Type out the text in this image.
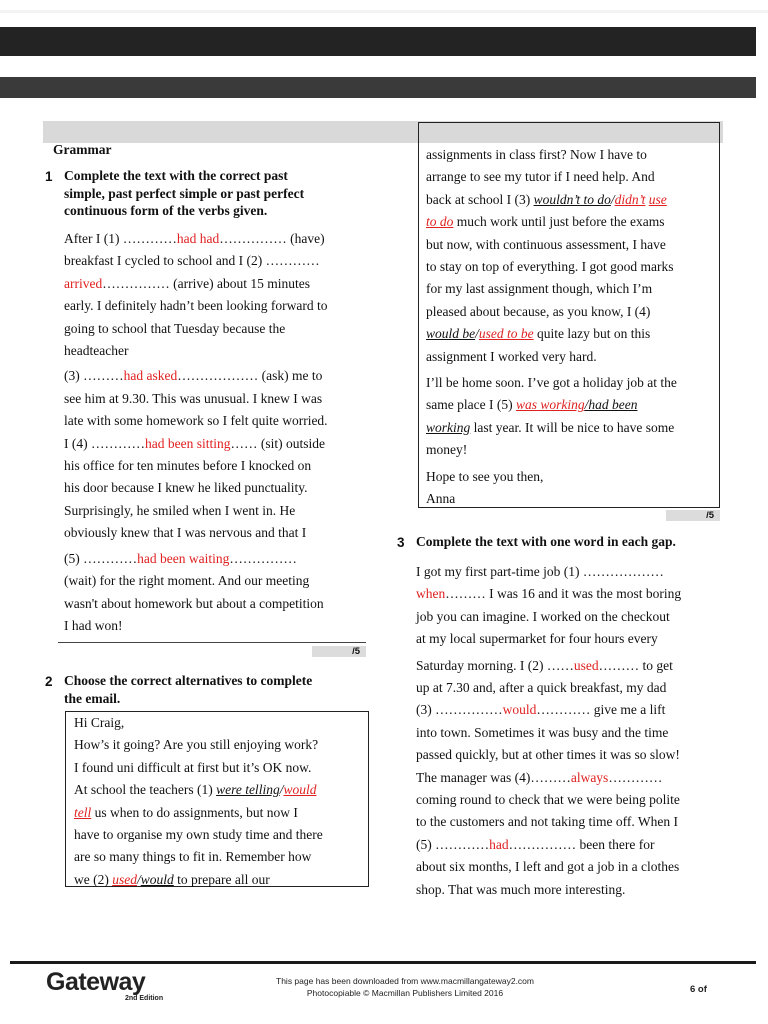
Grammar
1 Complete the text with the correct past
simple, past perfect simple or past perfect
continuous form of the verbs given.
After I (1) …………had had…………… (have)
breakfast I cycled to school and I (2) …………
arrived…………… (arrive) about 15 minutes
early. I definitely hadn’t been looking forward to
going to school that Tuesday because the
headteacher
(3) ………had asked……………… (ask) me to
see him at 9.30. This was unusual. I knew I was
late with some homework so I felt quite worried.
I (4) …………had been sitting…… (sit) outside
his office for ten minutes before I knocked on
his door because I knew he liked punctuality.
Surprisingly, he smiled when I went in. He
obviously knew that I was nervous and that I
(5) …………had been waiting……………
(wait) for the right moment. And our meeting
wasn't about homework but about a competition
I had won!
/5
2 Choose the correct alternatives to complete
the email.
Hi Craig,
How’s it going? Are you still enjoying work?
I found uni difficult at first but it’s OK now.
At school the teachers (1) were telling/would
tell us when to do assignments, but now I
have to organise my own study time and there
are so many things to fit in. Remember how
we (2) used/would to prepare all our
assignments in class first? Now I have to
arrange to see my tutor if I need help. And
back at school I (3) wouldn’t to do/didn’t use
to do much work until just before the exams
but now, with continuous assessment, I have
to stay on top of everything. I got good marks
for my last assignment though, which I’m
pleased about because, as you know, I (4)
would be/used to be quite lazy but on this
assignment I worked very hard.
I’ll be home soon. I’ve got a holiday job at the
same place I (5) was working/had been
working last year. It will be nice to have some
money!
Hope to see you then,
Anna
/5
3 Complete the text with one word in each gap.
I got my first part-time job (1) ………………
when……… I was 16 and it was the most boring
job you can imagine. I worked on the checkout
at my local supermarket for four hours every
Saturday morning. I (2) ……used……… to get
up at 7.30 and, after a quick breakfast, my dad
(3) ……………would………… give me a lift
into town. Sometimes it was busy and the time
passed quickly, but at other times it was so slow!
The manager was (4)………always…………
coming round to check that we were being polite
to the customers and not taking time off. When I
(5) …………had…………… been there for
about six months, I left and got a job in a clothes
shop. That was much more interesting.
Gateway
2nd Edition
This page has been downloaded from www.macmillangateway2.com
Photocopiable © Macmillan Publishers Limited 2016	6 of
